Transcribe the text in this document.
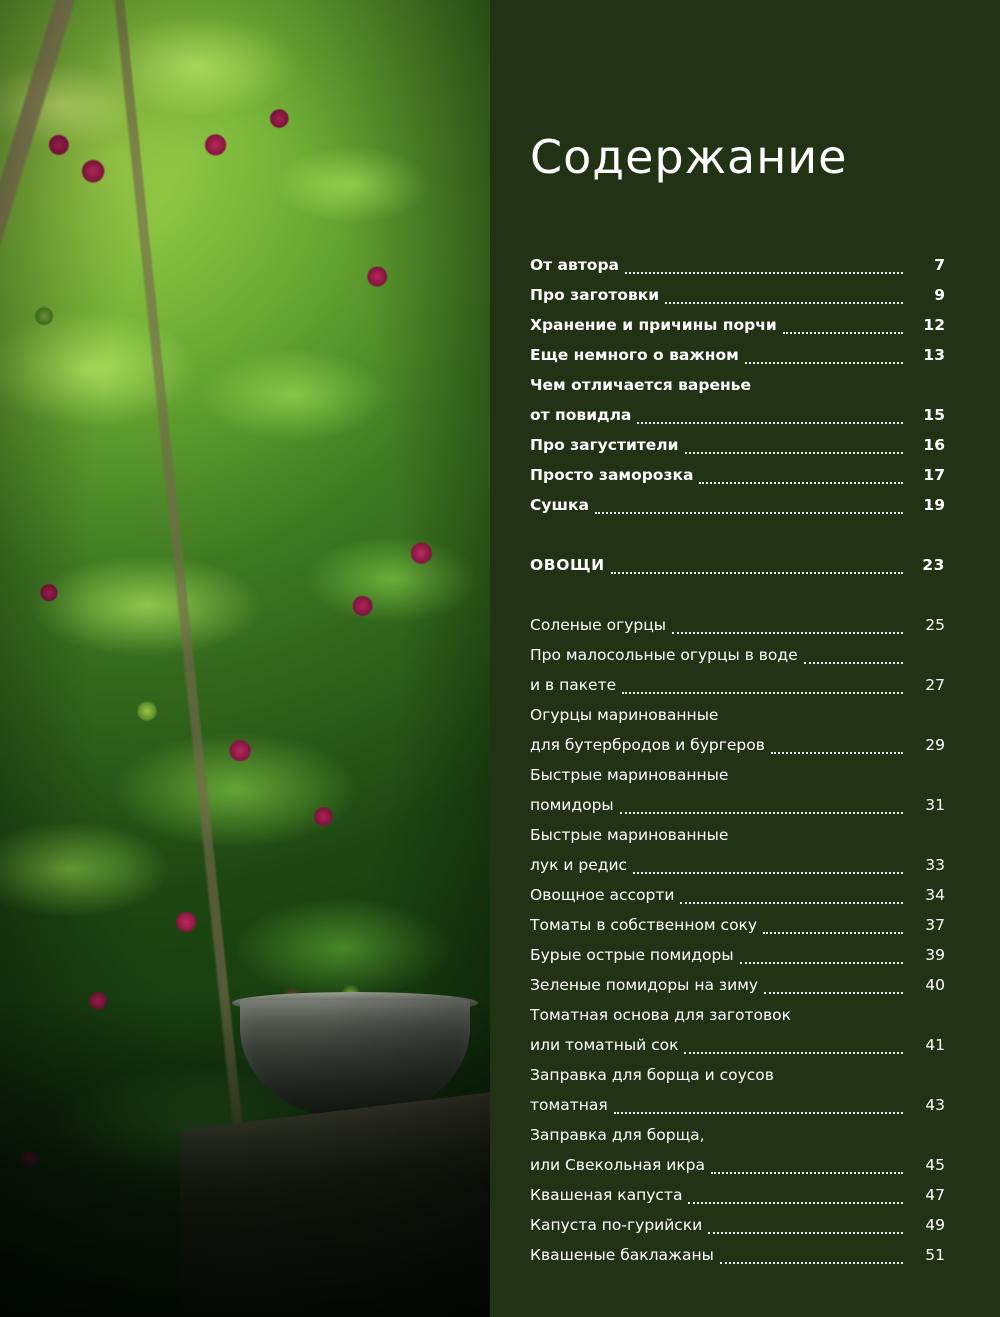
Содержание
От автора	7
Про заготовки	9
Хранение и причины порчи	12
Еще немного о важном	13
Чем отличается варенье
от повидла	15
Про загустители	16
Просто заморозка	17
Сушка	19
ОВОЩИ	23
Соленые огурцы	25
Про малосольные огурцы в воде
и в пакете	27
Огурцы маринованные
для бутербродов и бургеров	29
Быстрые маринованные
помидоры	31
Быстрые маринованные
лук и редис	33
Овощное ассорти	34
Томаты в собственном соку	37
Бурые острые помидоры	39
Зеленые помидоры на зиму	40
Томатная основа для заготовок
или томатный сок	41
Заправка для борща и соусов
томатная	43
Заправка для борща,
или Свекольная икра	45
Квашеная капуста	47
Капуста по-гурийски	49
Квашеные баклажаны	51
